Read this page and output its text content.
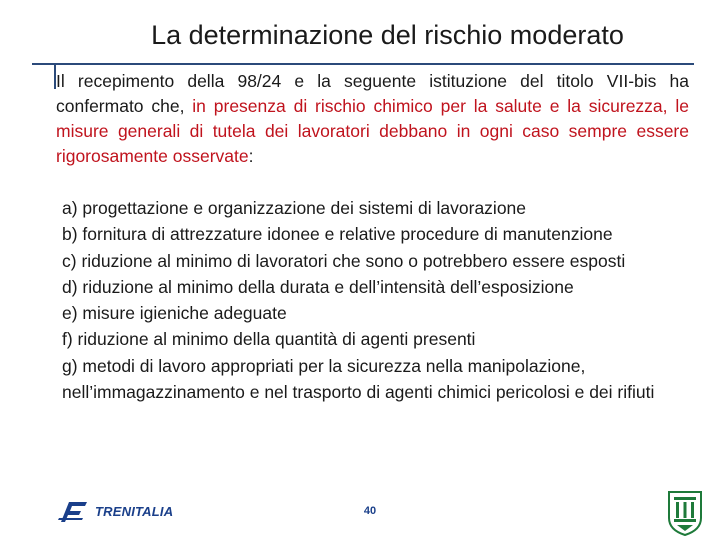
La determinazione del rischio moderato

Il recepimento della 98/24 e la seguente istituzione del titolo VII-bis ha confermato che, in presenza di rischio chimico per la salute e la sicurezza, le misure generali di tutela dei lavoratori debbano in ogni caso sempre essere rigorosamente osservate:

a) progettazione e organizzazione dei sistemi di lavorazione
b) fornitura di attrezzature idonee e relative procedure di manutenzione
c) riduzione al minimo di lavoratori che sono o potrebbero essere esposti
d) riduzione al minimo della durata e dell’intensità dell’esposizione
e) misure igieniche adeguate
f) riduzione al minimo della quantità di agenti presenti
g) metodi di lavoro appropriati per la sicurezza nella manipolazione, nell’immagazzinamento e nel trasporto di agenti chimici pericolosi e dei rifiuti
TRENITALIA	40
